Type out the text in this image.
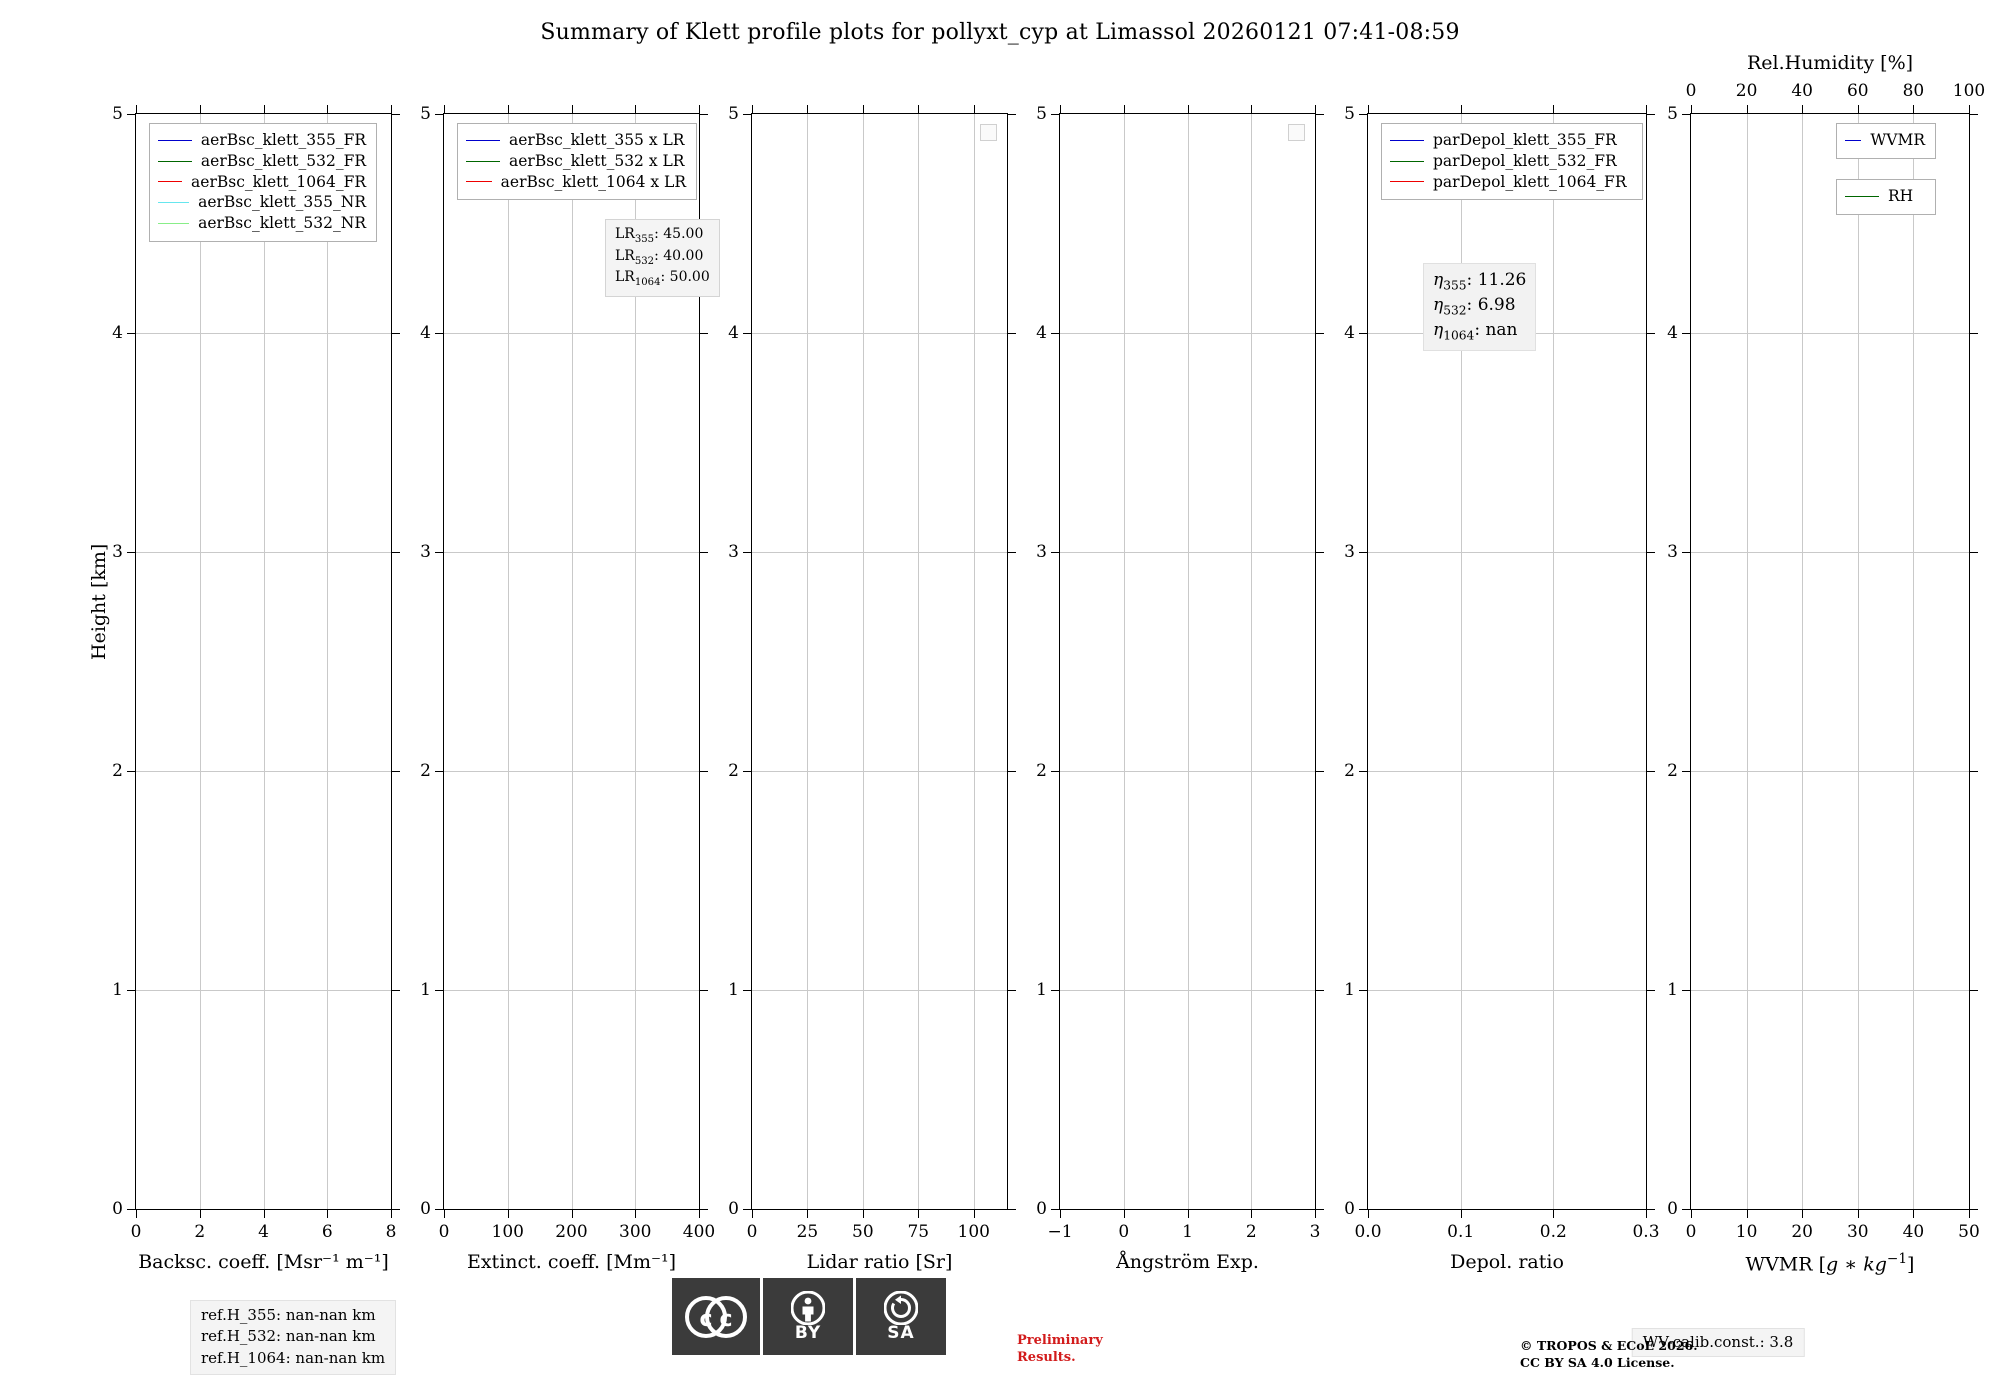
Summary of Klett profile plots for pollyxt_cyp at Limassol 20260121 07:41-08:59
Height [km]
5
4
3
2
1
0
0	2	4	6	8
Backsc. coeff. [Msr⁻¹ m⁻¹]
aerBsc_klett_355_FR
aerBsc_klett_532_FR
aerBsc_klett_1064_FR
aerBsc_klett_355_NR
aerBsc_klett_532_NR
5
4
3
2
1
0
0 100 200 300 400
Extinct. coeff. [Mm⁻¹]
aerBsc_klett_355 x LR
aerBsc_klett_532 x LR
aerBsc_klett_1064 x LR
$LR_{355}$: 45.00
$LR_{532}$: 40.00
$LR_{1064}$: 50.00
5
4
3
2
1
0
0 25 50 75 100
Lidar ratio [Sr]
5
4
3
2
1
0
−1	0	1	2	3
Ångström Exp.
5
4
3
2
1
0
0.0	0.1	0.2	0.3
Depol. ratio
parDepol_klett_355_FR
parDepol_klett_532_FR
parDepol_klett_1064_FR
$\eta_{355}$: 11.26
$\eta_{532}$: 6.98
$\eta_{1064}$: nan
5
4
3
2
1
0
0 10 20 30 40 50
0 20 40 60 80 100
Rel.Humidity [%]
WVMR [g ∗ $kg^{-1}$]
WVMR
RH
ref.H_355: nan-nan km
ref.H_532: nan-nan km
ref.H_1064: nan-nan km
WV-calib.const.: 3.8
Preliminary
Results.
© TROPOS & ECoE 2026.
CC BY SA 4.0 License.
c c
BY	SA
